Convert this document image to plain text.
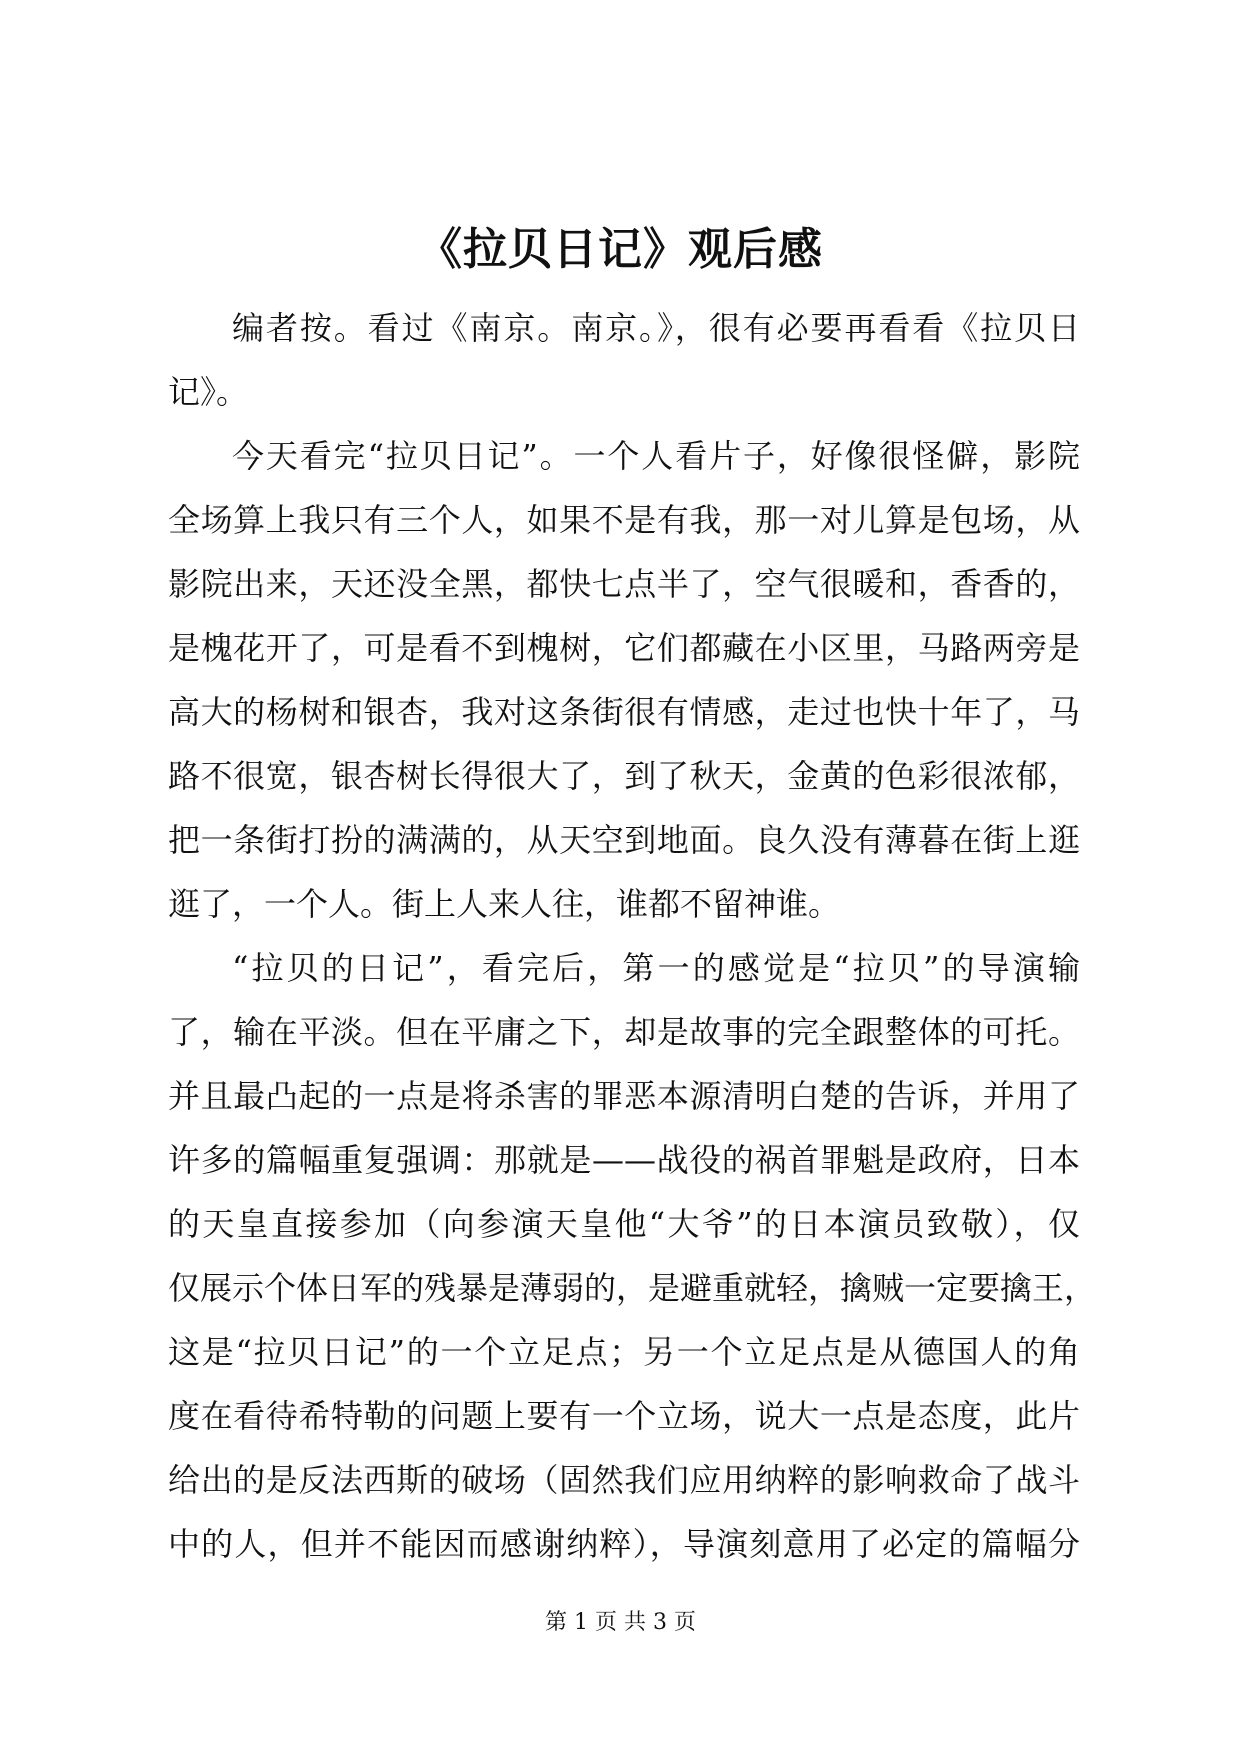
《拉贝日记》观后感
编者按。看过《南京。南京。》，很有必要再看看《拉贝日
记》。
今天看完“拉贝日记”。一个人看片子，好像很怪僻，影院
全场算上我只有三个人，如果不是有我，那一对儿算是包场，从
影院出来，天还没全黑，都快七点半了，空气很暖和，香香的，
是槐花开了，可是看不到槐树，它们都藏在小区里，马路两旁是
高大的杨树和银杏，我对这条街很有情感，走过也快十年了，马
路不很宽，银杏树长得很大了，到了秋天，金黄的色彩很浓郁，
把一条街打扮的满满的，从天空到地面。良久没有薄暮在街上逛
逛了，一个人。街上人来人往，谁都不留神谁。
“拉贝的日记”，看完后，第一的感觉是“拉贝”的导演输
了，输在平淡。但在平庸之下，却是故事的完全跟整体的可托。
并且最凸起的一点是将杀害的罪恶本源清明白楚的告诉，并用了
许多的篇幅重复强调：那就是——战役的祸首罪魁是政府，日本
的天皇直接参加（向参演天皇他“大爷”的日本演员致敬），仅
仅展示个体日军的残暴是薄弱的，是避重就轻，擒贼一定要擒王，
这是“拉贝日记”的一个立足点；另一个立足点是从德国人的角
度在看待希特勒的问题上要有一个立场，说大一点是态度，此片
给出的是反法西斯的破场（固然我们应用纳粹的影响救命了战斗
中的人，但并不能因而感谢纳粹），导演刻意用了必定的篇幅分
第 1 页 共 3 页
